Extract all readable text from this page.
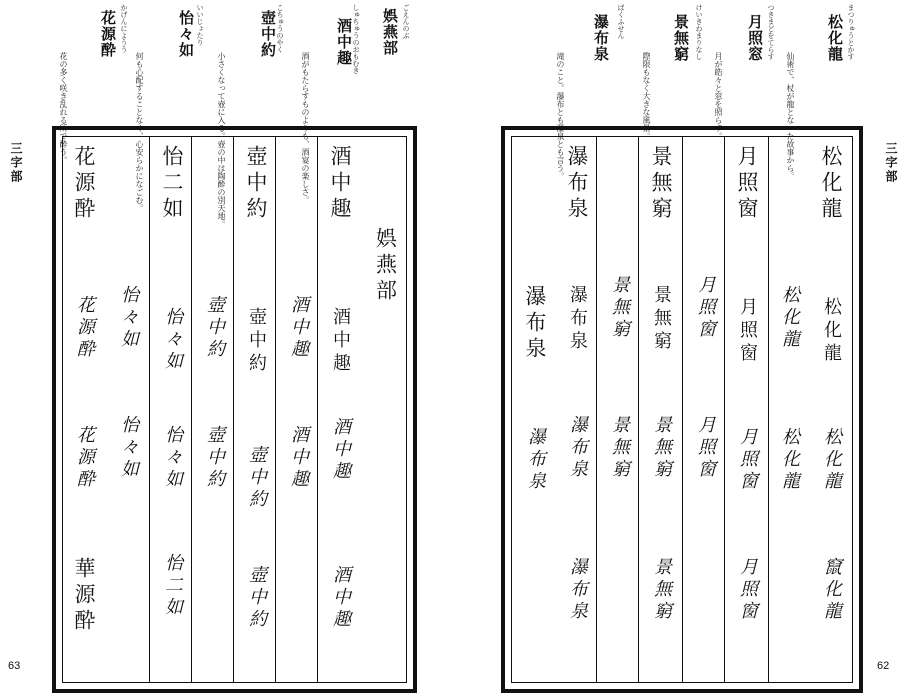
ごえんのぶ
娯燕部
しゅちゅうのおもむき
酒中趣
酒がもたらすものよりも、酒宴の楽しさ。
こちゅうのやく
壺中約
小さくなって壺に入る。壺の中は陶酔の別天地。
いいじょたり
怡々如
何も心配することなく、心安らかになごむ。
かげんにようう
花源酔
花の多く咲き乱れる所で酔う。
三字部
63
娯燕部
酒中趣
酒中趣
酒中趣
酒中趣
酒中趣
酒中趣
壺中約
壺中約
壺中約
壺中約
壺中約
壺中約
怡二如
怡々如
怡々如
怡二如
怡々如
怡々如
花源酔
花源酔
花源酔
華源酔
まつりゅうとかす
松化龍
仙術で、杖が龍となった故事から。
つきまどをてらす
月照窓
月が皓々と窓を照らす。
けいきわまりなし
景無窮
際限もなく大きな風景。
ばくふせん
瀑布泉
滝のこと。瀑布とも瀑泉とも言う。	三字部
62
松化龍
松化龍
松化龍
竄化龍
松化龍
松化龍
月照窗
月照窗
月照窗
月照窗
月照窗
月照窗
景無窮
景無窮
景無窮
景無窮
景無窮
景無窮
瀑布泉
瀑布泉
瀑布泉
瀑布泉
瀑布泉
瀑布泉
